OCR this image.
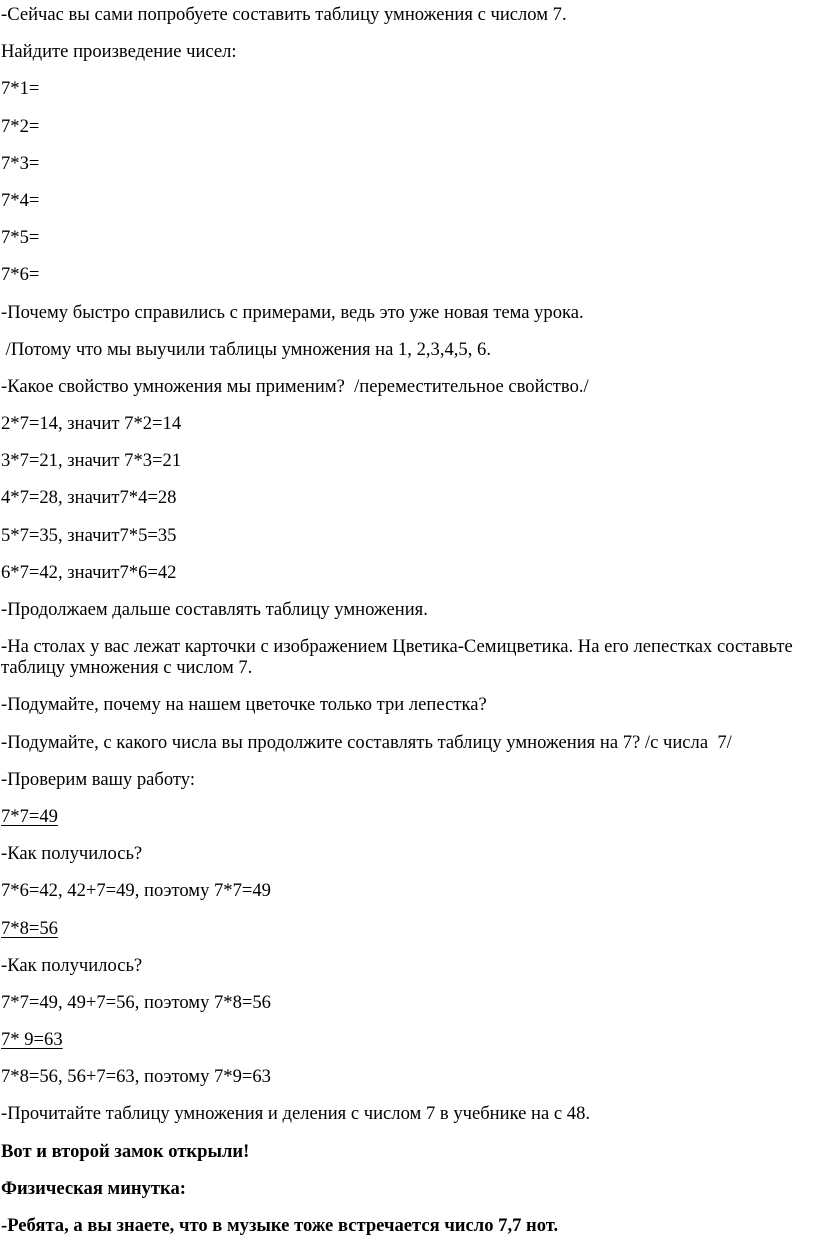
-Сейчас вы сами попробуете составить таблицу умножения с числом 7.

Найдите произведение чисел:

7*1=

7*2=

7*3=

7*4=

7*5=

7*6=

-Почему быстро справились с примерами, ведь это уже новая тема урока.

/Потому что мы выучили таблицы умножения на 1, 2,3,4,5, 6.

-Какое свойство умножения мы применим?  /переместительное свойство./

2*7=14, значит 7*2=14

3*7=21, значит 7*3=21

4*7=28, значит7*4=28

5*7=35, значит7*5=35

6*7=42, значит7*6=42

-Продолжаем дальше составлять таблицу умножения.

-На столах у вас лежат карточки с изображением Цветика-Семицветика. На его лепестках составьте таблицу умножения с числом 7.

-Подумайте, почему на нашем цветочке только три лепестка?

-Подумайте, с какого числа вы продолжите составлять таблицу умножения на 7? /с числа  7/

-Проверим вашу работу:

7*7=49

-Как получилось?

7*6=42, 42+7=49, поэтому 7*7=49

7*8=56

-Как получилось?

7*7=49, 49+7=56, поэтому 7*8=56

7* 9=63

7*8=56, 56+7=63, поэтому 7*9=63

-Прочитайте таблицу умножения и деления с числом 7 в учебнике на с 48.

Вот и второй замок открыли!

Физическая минутка:

-Ребята, а вы знаете, что в музыке тоже встречается число 7,7 нот.
